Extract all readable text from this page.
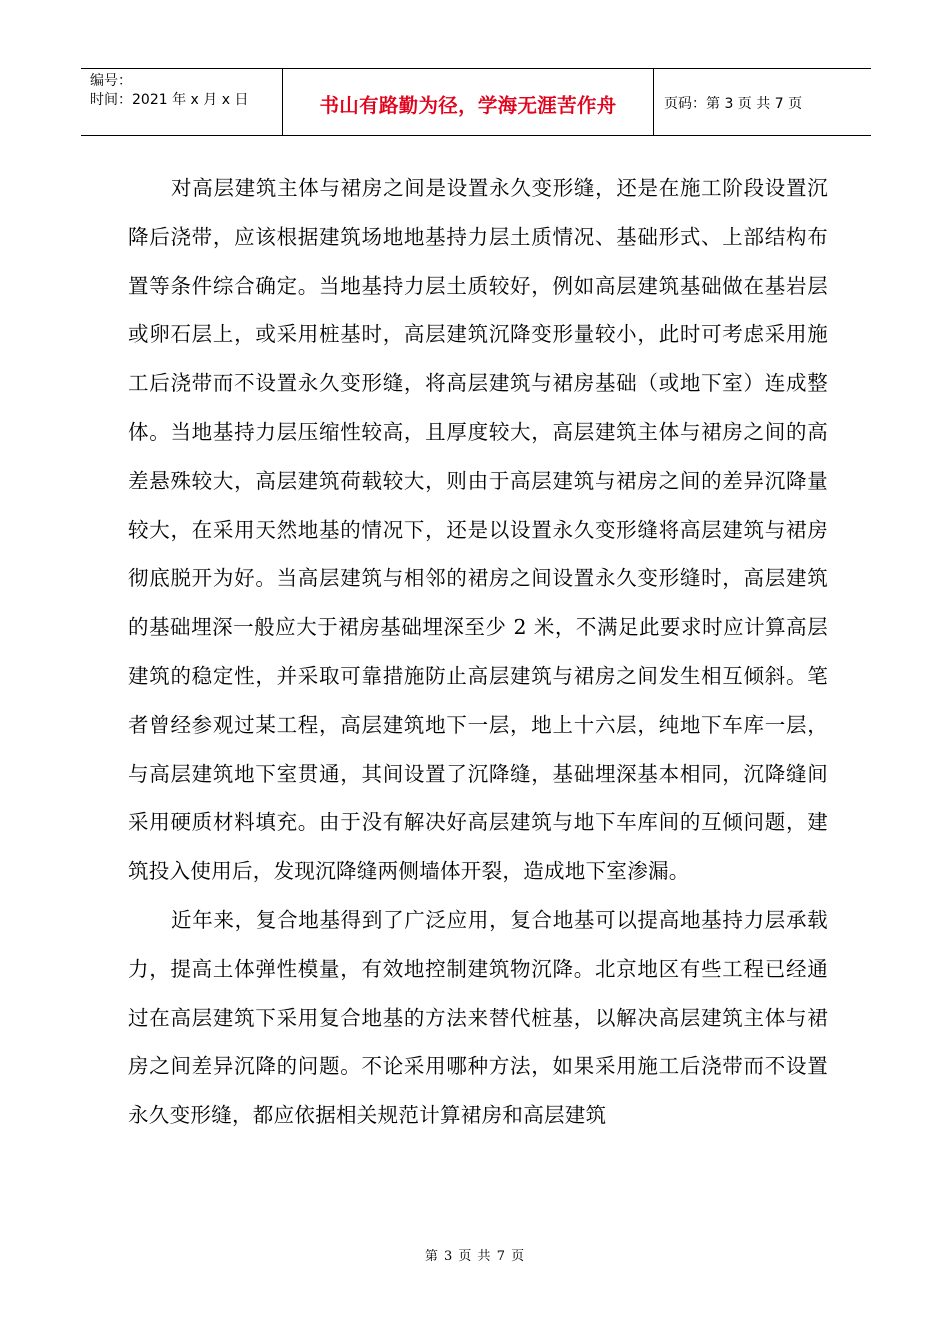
编号：
时间：2021 年 x 月 x 日	书山有路勤为径，学海无涯苦作舟	页码：第 3 页 共 7 页

对高层建筑主体与裙房之间是设置永久变形缝，还是在施工阶段设置沉降后浇带，应该根据建筑场地地基持力层土质情况、基础形式、上部结构布置等条件综合确定。当地基持力层土质较好，例如高层建筑基础做在基岩层或卵石层上，或采用桩基时，高层建筑沉降变形量较小，此时可考虑采用施工后浇带而不设置永久变形缝，将高层建筑与裙房基础（或地下室）连成整体。当地基持力层压缩性较高，且厚度较大，高层建筑主体与裙房之间的高差悬殊较大，高层建筑荷载较大，则由于高层建筑与裙房之间的差异沉降量较大，在采用天然地基的情况下，还是以设置永久变形缝将高层建筑与裙房彻底脱开为好。当高层建筑与相邻的裙房之间设置永久变形缝时，高层建筑的基础埋深一般应大于裙房基础埋深至少 2 米，不满足此要求时应计算高层建筑的稳定性，并采取可靠措施防止高层建筑与裙房之间发生相互倾斜。笔者曾经参观过某工程，高层建筑地下一层，地上十六层，纯地下车库一层，与高层建筑地下室贯通，其间设置了沉降缝，基础埋深基本相同，沉降缝间采用硬质材料填充。由于没有解决好高层建筑与地下车库间的互倾问题，建筑投入使用后，发现沉降缝两侧墙体开裂，造成地下室渗漏。

近年来，复合地基得到了广泛应用，复合地基可以提高地基持力层承载力，提高土体弹性模量，有效地控制建筑物沉降。北京地区有些工程已经通过在高层建筑下采用复合地基的方法来替代桩基，以解决高层建筑主体与裙房之间差异沉降的问题。不论采用哪种方法，如果采用施工后浇带而不设置永久变形缝，都应依据相关规范计算裙房和高层建筑

第 3 页 共 7 页
